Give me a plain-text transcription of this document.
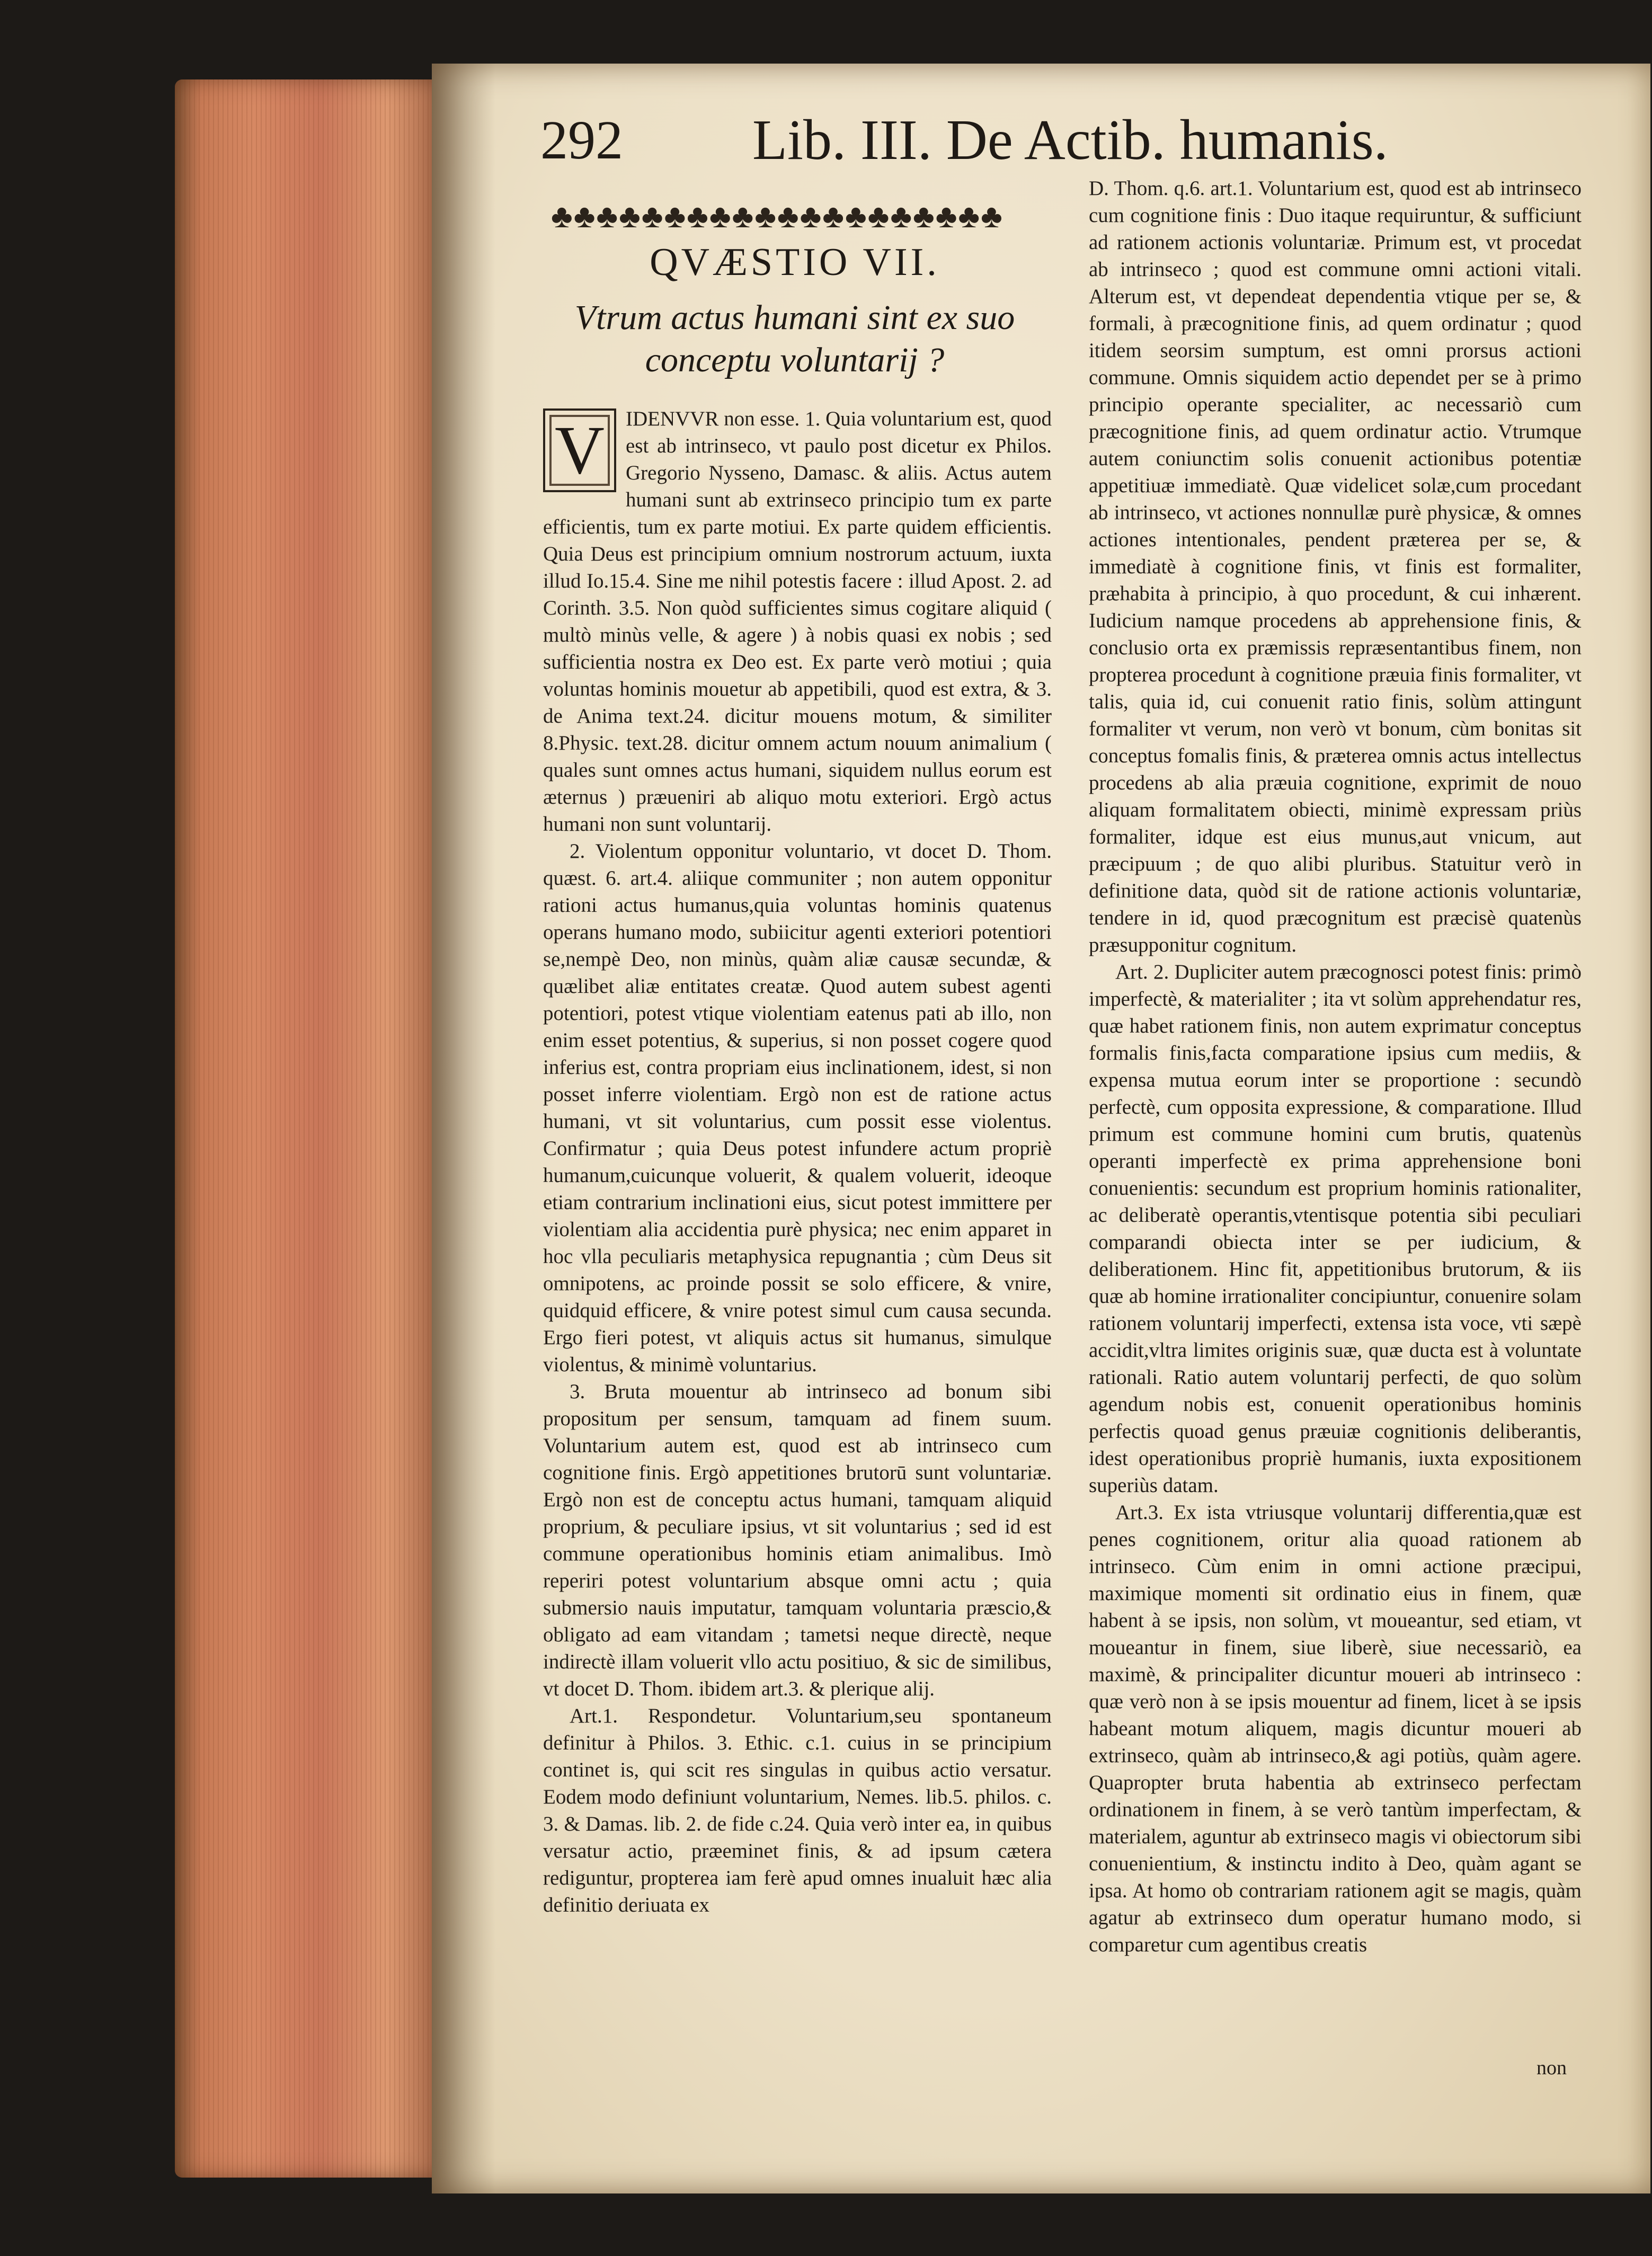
292 Lib. III. De Actib. humanis.
♣♣♣♣♣♣♣♣♣♣♣♣♣♣♣♣♣♣♣♣
QVÆSTIO VII.
Vtrum actus humani sint ex suo conceptu voluntarij ?
V	IDENVVR non esse. 1. Quia voluntarium est, quod est ab intrinseco, vt paulo post dicetur ex Philos. Gregorio Nysseno, Damasc. & aliis. Actus autem humani sunt ab extrinseco principio tum ex parte efficientis, tum ex parte motiui. Ex parte quidem efficientis. Quia Deus est principium omnium nostrorum actuum, iuxta illud Io.15.4. Sine me nihil potestis facere : illud Apost. 2. ad Corinth. 3.5. Non quòd sufficientes simus cogitare aliquid ( multò minùs velle, & agere ) à nobis quasi ex nobis ; sed sufficientia nostra ex Deo est. Ex parte verò motiui ; quia voluntas hominis mouetur ab appetibili, quod est extra, & 3. de Anima text.24. dicitur mouens motum, & similiter 8.Physic. text.28. dicitur omnem actum nouum animalium ( quales sunt omnes actus humani, siquidem nullus eorum est æternus ) præueniri ab aliquo motu exteriori. Ergò actus humani non sunt voluntarij.

2. Violentum opponitur voluntario, vt docet D. Thom. quæst. 6. art.4. aliique communiter ; non autem opponitur rationi actus humanus,quia voluntas hominis quatenus operans humano modo, subiicitur agenti exteriori potentiori se,nempè Deo, non minùs, quàm aliæ causæ secundæ, & quælibet aliæ entitates creatæ. Quod autem subest agenti potentiori, potest vtique violentiam eatenus pati ab illo, non enim esset potentius, & superius, si non posset cogere quod inferius est, contra propriam eius inclinationem, idest, si non posset inferre violentiam. Ergò non est de ratione actus humani, vt sit voluntarius, cum possit esse violentus. Confirmatur ; quia Deus potest infundere actum propriè humanum,cuicunque voluerit, & qualem voluerit, ideoque etiam contrarium inclinationi eius, sicut potest immittere per violentiam alia accidentia purè physica; nec enim apparet in hoc vlla peculiaris metaphysica repugnantia ; cùm Deus sit omnipotens, ac proinde possit se solo efficere, & vnire, quidquid efficere, & vnire potest simul cum causa secunda. Ergo fieri potest, vt aliquis actus sit humanus, simulque violentus, & minimè voluntarius.

3. Bruta mouentur ab intrinseco ad bonum sibi propositum per sensum, tamquam ad finem suum. Voluntarium autem est, quod est ab intrinseco cum cognitione finis. Ergò appetitiones brutorū sunt voluntariæ. Ergò non est de conceptu actus humani, tamquam aliquid proprium, & peculiare ipsius, vt sit voluntarius ; sed id est commune operationibus hominis etiam animalibus. Imò reperiri potest voluntarium absque omni actu ; quia submersio nauis imputatur, tamquam voluntaria præscio,& obligato ad eam vitandam ; tametsi neque directè, neque indirectè illam voluerit vllo actu positiuo, & sic de similibus, vt docet D. Thom. ibidem art.3. & plerique alij.

Art.1. Respondetur. Voluntarium,seu spontaneum definitur à Philos. 3. Ethic. c.1. cuius in se principium continet is, qui scit res singulas in quibus actio versatur. Eodem modo definiunt voluntarium, Nemes. lib.5. philos. c. 3. & Damas. lib. 2. de fide c.24. Quia verò inter ea, in quibus versatur actio, præeminet finis, & ad ipsum cætera rediguntur, propterea iam ferè apud omnes inualuit hæc alia definitio deriuata ex

D. Thom. q.6. art.1. Voluntarium est, quod est ab intrinseco cum cognitione finis : Duo itaque requiruntur, & sufficiunt ad rationem actionis voluntariæ. Primum est, vt procedat ab intrinseco ; quod est commune omni actioni vitali. Alterum est, vt dependeat dependentia vtique per se, & formali, à præcognitione finis, ad quem ordinatur ; quod itidem seorsim sumptum, est omni prorsus actioni commune. Omnis siquidem actio dependet per se à primo principio operante specialiter, ac necessariò cum præcognitione finis, ad quem ordinatur actio. Vtrumque autem coniunctim solis conuenit actionibus potentiæ appetitiuæ immediatè. Quæ videlicet solæ,cum procedant ab intrinseco, vt actiones nonnullæ purè physicæ, & omnes actiones intentionales, pendent præterea per se, & immediatè à cognitione finis, vt finis est formaliter, præhabita à principio, à quo procedunt, & cui inhærent. Iudicium namque procedens ab apprehensione finis, & conclusio orta ex præmissis repræsentantibus finem, non propterea procedunt à cognitione præuia finis formaliter, vt talis, quia id, cui conuenit ratio finis, solùm attingunt formaliter vt verum, non verò vt bonum, cùm bonitas sit conceptus fomalis finis, & præterea omnis actus intellectus procedens ab alia præuia cognitione, exprimit de nouo aliquam formalitatem obiecti, minimè expressam priùs formaliter, idque est eius munus,aut vnicum, aut præcipuum ; de quo alibi pluribus. Statuitur verò in definitione data, quòd sit de ratione actionis voluntariæ, tendere in id, quod præcognitum est præcisè quatenùs præsupponitur cognitum.

Art. 2. Dupliciter autem præcognosci potest finis: primò imperfectè, & materialiter ; ita vt solùm apprehendatur res, quæ habet rationem finis, non autem exprimatur conceptus formalis finis,facta comparatione ipsius cum mediis, & expensa mutua eorum inter se proportione : secundò perfectè, cum opposita expressione, & comparatione. Illud primum est commune homini cum brutis, quatenùs operanti imperfectè ex prima apprehensione boni conuenientis: secundum est proprium hominis rationaliter, ac deliberatè operantis,vtentisque potentia sibi peculiari comparandi obiecta inter se per iudicium, & deliberationem. Hinc fit, appetitionibus brutorum, & iis quæ ab homine irrationaliter concipiuntur, conuenire solam rationem voluntarij imperfecti, extensa ista voce, vti sæpè accidit,vltra limites originis suæ, quæ ducta est à voluntate rationali. Ratio autem voluntarij perfecti, de quo solùm agendum nobis est, conuenit operationibus hominis perfectis quoad genus præuiæ cognitionis deliberantis, idest operationibus propriè humanis, iuxta expositionem superiùs datam.

Art.3. Ex ista vtriusque voluntarij differentia,quæ est penes cognitionem, oritur alia quoad rationem ab intrinseco. Cùm enim in omni actione præcipui, maximique momenti sit ordinatio eius in finem, quæ habent à se ipsis, non solùm, vt moueantur, sed etiam, vt moueantur in finem, siue liberè, siue necessariò, ea maximè, & principaliter dicuntur moueri ab intrinseco : quæ verò non à se ipsis mouentur ad finem, licet à se ipsis habeant motum aliquem, magis dicuntur moueri ab extrinseco, quàm ab intrinseco,& agi potiùs, quàm agere. Quapropter bruta habentia ab extrinseco perfectam ordinationem in finem, à se verò tantùm imperfectam, & materialem, aguntur ab extrinseco magis vi obiectorum sibi conuenientium, & instinctu indito à Deo, quàm agant se ipsa. At homo ob contrariam rationem agit se magis, quàm agatur ab extrinseco dum operatur humano modo, si comparetur cum agentibus creatis

non
